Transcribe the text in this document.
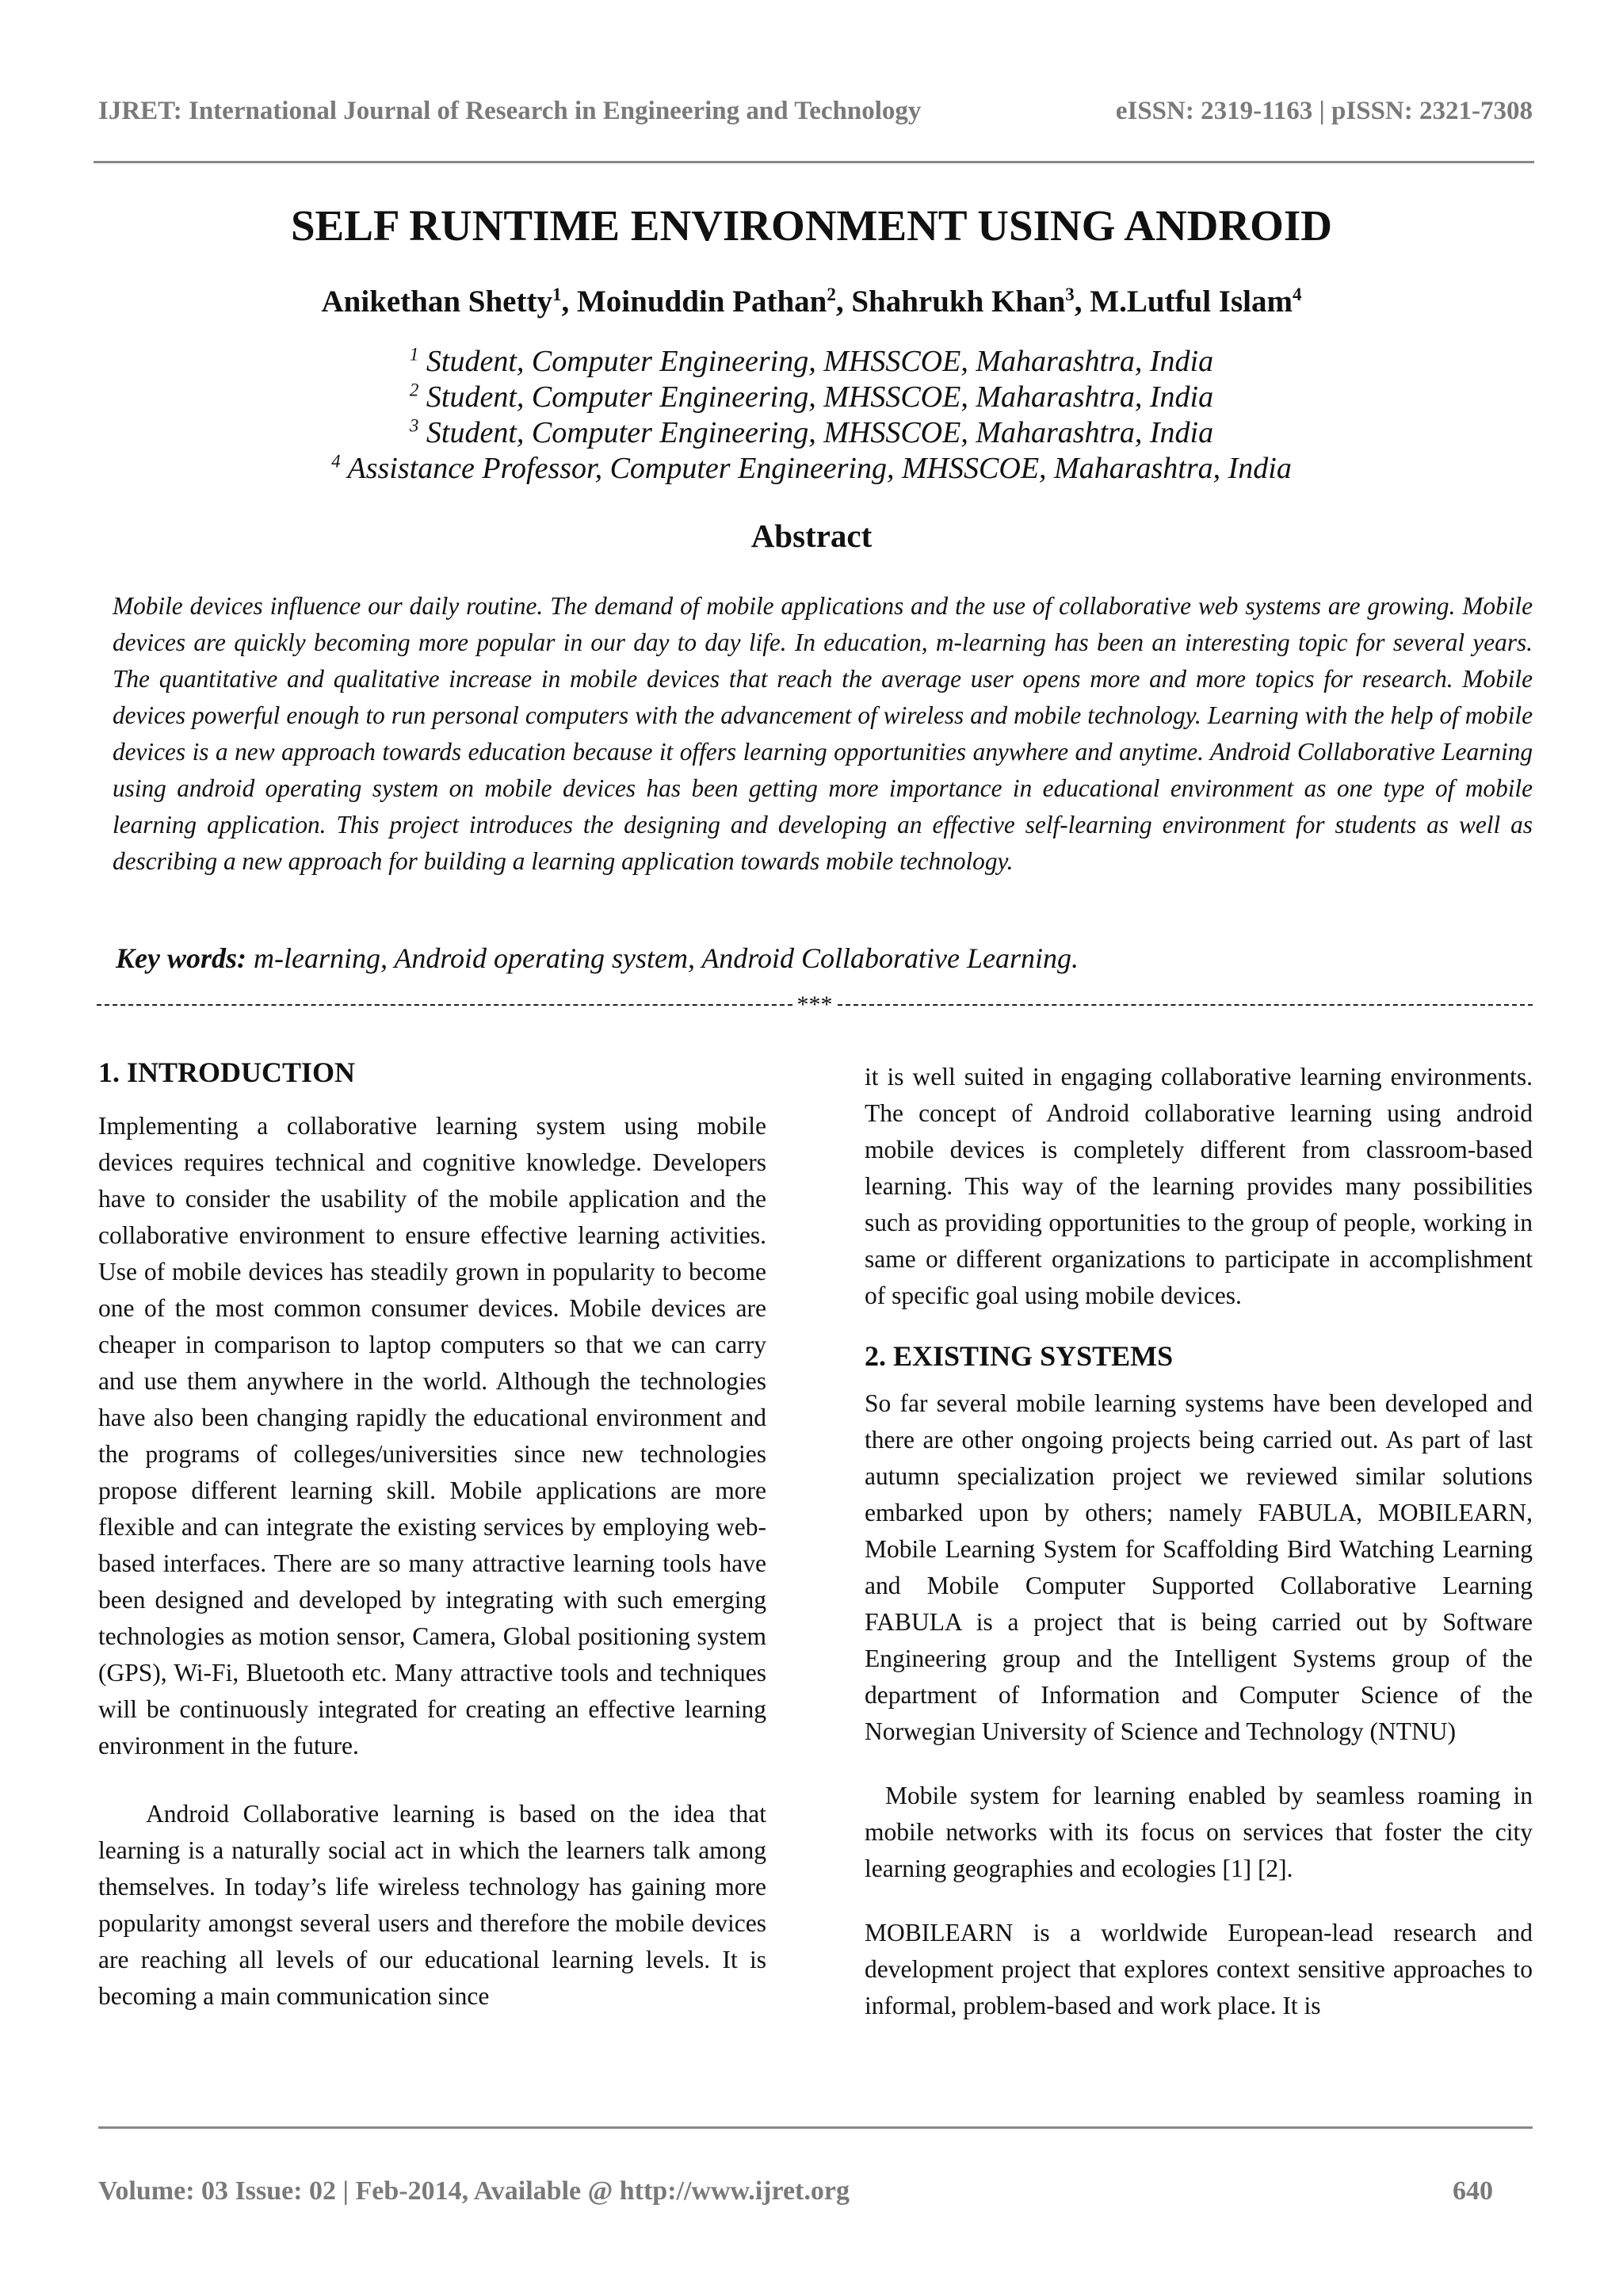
IJRET: International Journal of Research in Engineering and Technology	eISSN: 2319-1163 | pISSN: 2321-7308
SELF RUNTIME ENVIRONMENT USING ANDROID
Anikethan Shetty$^1$, Moinuddin Pathan$^2$, Shahrukh Khan$^3$, M.Lutful Islam$^4$
$^1$ Student, Computer Engineering, MHSSCOE, Maharashtra, India
$^2$ Student, Computer Engineering, MHSSCOE, Maharashtra, India
$^3$ Student, Computer Engineering, MHSSCOE, Maharashtra, India
$^4$ Assistance Professor, Computer Engineering, MHSSCOE, Maharashtra, India
Abstract
Mobile devices influence our daily routine. The demand of mobile applications and the use of collaborative web systems are growing. Mobile devices are quickly becoming more popular in our day to day life. In education, m-learning has been an interesting topic for several years. The quantitative and qualitative increase in mobile devices that reach the average user opens more and more topics for research. Mobile devices powerful enough to run personal computers with the advancement of wireless and mobile technology. Learning with the help of mobile devices is a new approach towards education because it offers learning opportunities anywhere and anytime. Android Collaborative Learning using android operating system on mobile devices has been getting more importance in educational environment as one type of mobile learning application. This project introduces the designing and developing an effective self-learning environment for students as well as describing a new approach for building a learning application towards mobile technology.
Key words: m-learning, Android operating system, Android Collaborative Learning.
***

1. INTRODUCTION

Implementing a collaborative learning system using mobile devices requires technical and cognitive knowledge. Developers have to consider the usability of the mobile application and the collaborative environment to ensure effective learning activities. Use of mobile devices has steadily grown in popularity to become one of the most common consumer devices. Mobile devices are cheaper in comparison to laptop computers so that we can carry and use them anywhere in the world. Although the technologies have also been changing rapidly the educational environment and the programs of colleges/universities since new technologies propose different learning skill. Mobile applications are more flexible and can integrate the existing services by employing web-based interfaces. There are so many attractive learning tools have been designed and developed by integrating with such emerging technologies as motion sensor, Camera, Global positioning system (GPS), Wi-Fi, Bluetooth etc. Many attractive tools and techniques will be continuously integrated for creating an effective learning environment in the future.

Android Collaborative learning is based on the idea that learning is a naturally social act in which the learners talk among themselves. In today’s life wireless technology has gaining more popularity amongst several users and therefore the mobile devices are reaching all levels of our educational learning levels. It is becoming a main communication since

it is well suited in engaging collaborative learning environments. The concept of Android collaborative learning using android mobile devices is completely different from classroom-based learning. This way of the learning provides many possibilities such as providing opportunities to the group of people, working in same or different organizations to participate in accomplishment of specific goal using mobile devices.

2. EXISTING SYSTEMS

So far several mobile learning systems have been developed and there are other ongoing projects being carried out. As part of last autumn specialization project we reviewed similar solutions embarked upon by others; namely FABULA, MOBILEARN, Mobile Learning System for Scaffolding Bird Watching Learning and Mobile Computer Supported Collaborative Learning FABULA is a project that is being carried out by Software Engineering group and the Intelligent Systems group of the department of Information and Computer Science of the Norwegian University of Science and Technology (NTNU)

Mobile system for learning enabled by seamless roaming in mobile networks with its focus on services that foster the city learning geographies and ecologies [1] [2].

MOBILEARN is a worldwide European-lead research and development project that explores context sensitive approaches to informal, problem-based and work place. It is

Volume: 03 Issue: 02 | Feb-2014, Available @ http://www.ijret.org	640
